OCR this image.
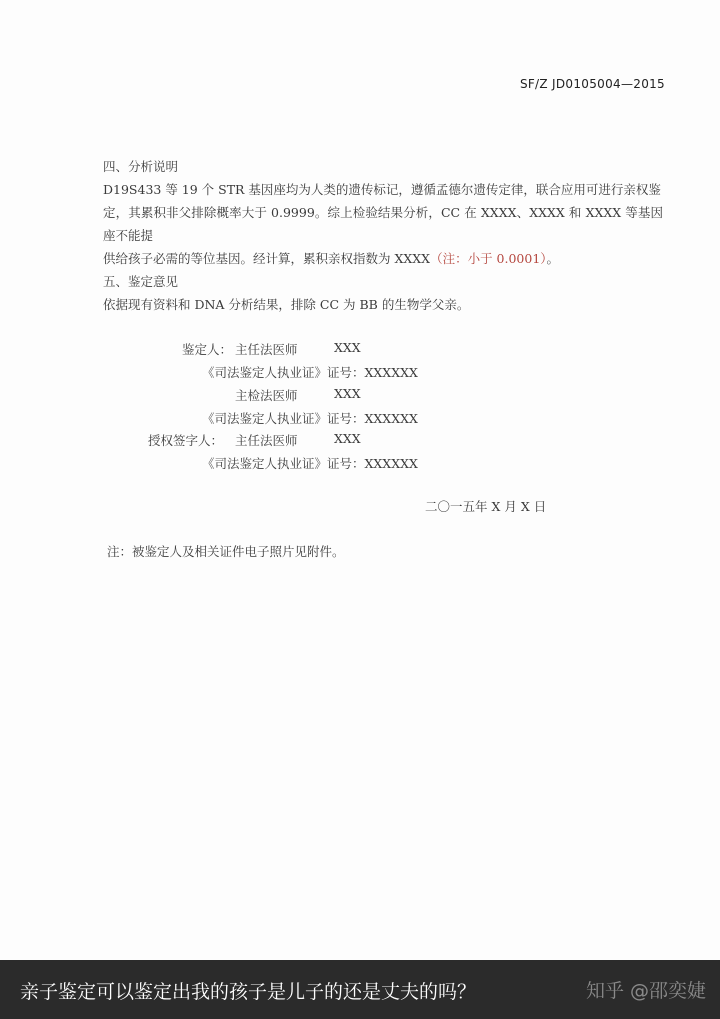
SF/Z JD0105004—2015
四、分析说明
D19S433 等 19 个 STR 基因座均为人类的遗传标记，遵循孟德尔遗传定律，联合应用可进行亲权鉴
定，其累积非父排除概率大于 0.9999。综上检验结果分析，CC 在 XXXX、XXXX 和 XXXX 等基因座不能提
供给孩子必需的等位基因。经计算，累积亲权指数为 XXXX（注：小于 0.0001）。
五、鉴定意见
依据现有资料和 DNA 分析结果，排除 CC 为 BB 的生物学父亲。
鉴定人： 主任法医师	XXX
《司法鉴定人执业证》证号：XXXXXX
主检法医师	XXX
《司法鉴定人执业证》证号：XXXXXX
授权签字人： 主任法医师	XXX
《司法鉴定人执业证》证号：XXXXXX
二〇一五年 X 月 X 日
注：被鉴定人及相关证件电子照片见附件。
亲子鉴定可以鉴定出我的孩子是儿子的还是丈夫的吗？	知乎 @邵奕婕
